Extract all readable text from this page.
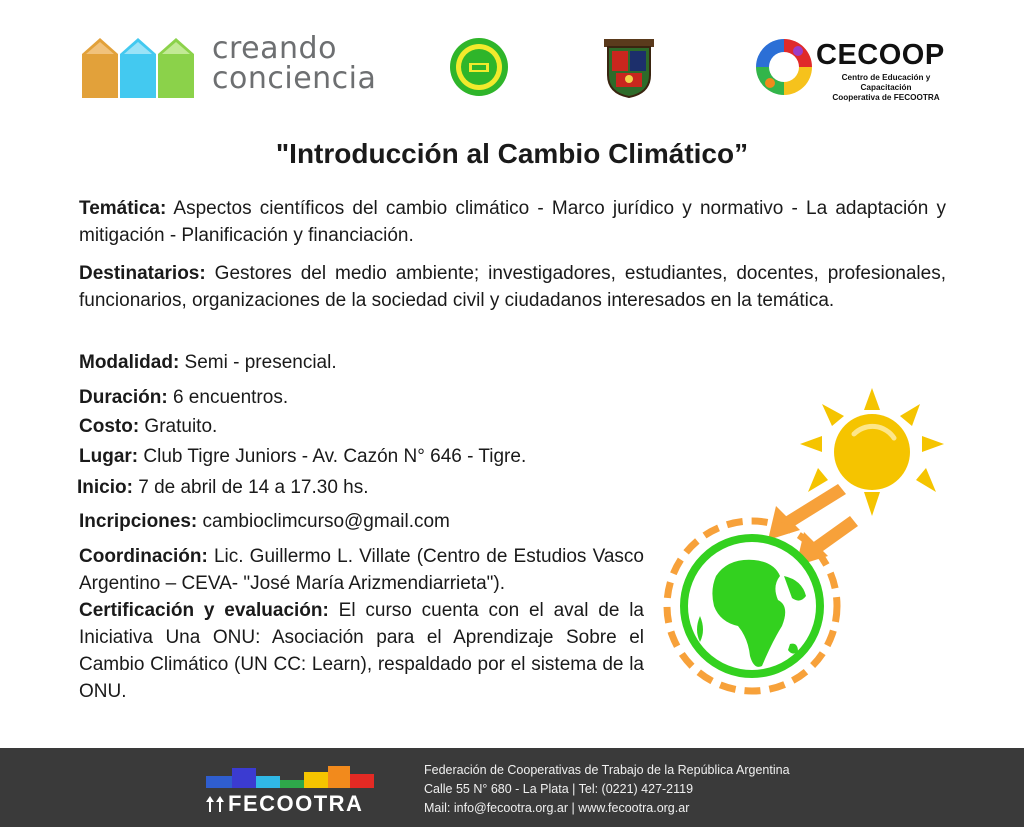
creando
conciencia
CECOOP
Centro de Educación y Capacitación
Cooperativa de FECOOTRA
"Introducción al Cambio Climático”
Temática: Aspectos científicos del cambio climático - Marco jurídico y normativo - La adaptación y mitigación - Planificación y financiación.
Destinatarios: Gestores del medio ambiente; investigadores, estudiantes, docentes, profesionales, funcionarios, organizaciones de la sociedad civil y ciudadanos interesados en la temática.
Modalidad: Semi - presencial.
Duración: 6 encuentros.
Costo: Gratuito.
Lugar: Club Tigre Juniors - Av. Cazón N° 646 - Tigre.
Inicio: 7 de abril de 14 a 17.30 hs.
Incripciones: cambioclimcurso@gmail.com
Coordinación: Lic. Guillermo L. Villate (Centro de Estudios Vasco Argentino – CEVA- "José María Arizmendiarrieta").
Certificación y evaluación: El curso cuenta con el aval de la Iniciativa Una ONU: Asociación para el Aprendizaje Sobre el Cambio Climático (UN CC: Learn), respaldado por el sistema de la ONU.
FECOOTRA
Federación de Cooperativas de Trabajo de la República Argentina
Calle 55 N° 680 - La Plata | Tel: (0221) 427-2119
Mail: info@fecootra.org.ar | www.fecootra.org.ar
